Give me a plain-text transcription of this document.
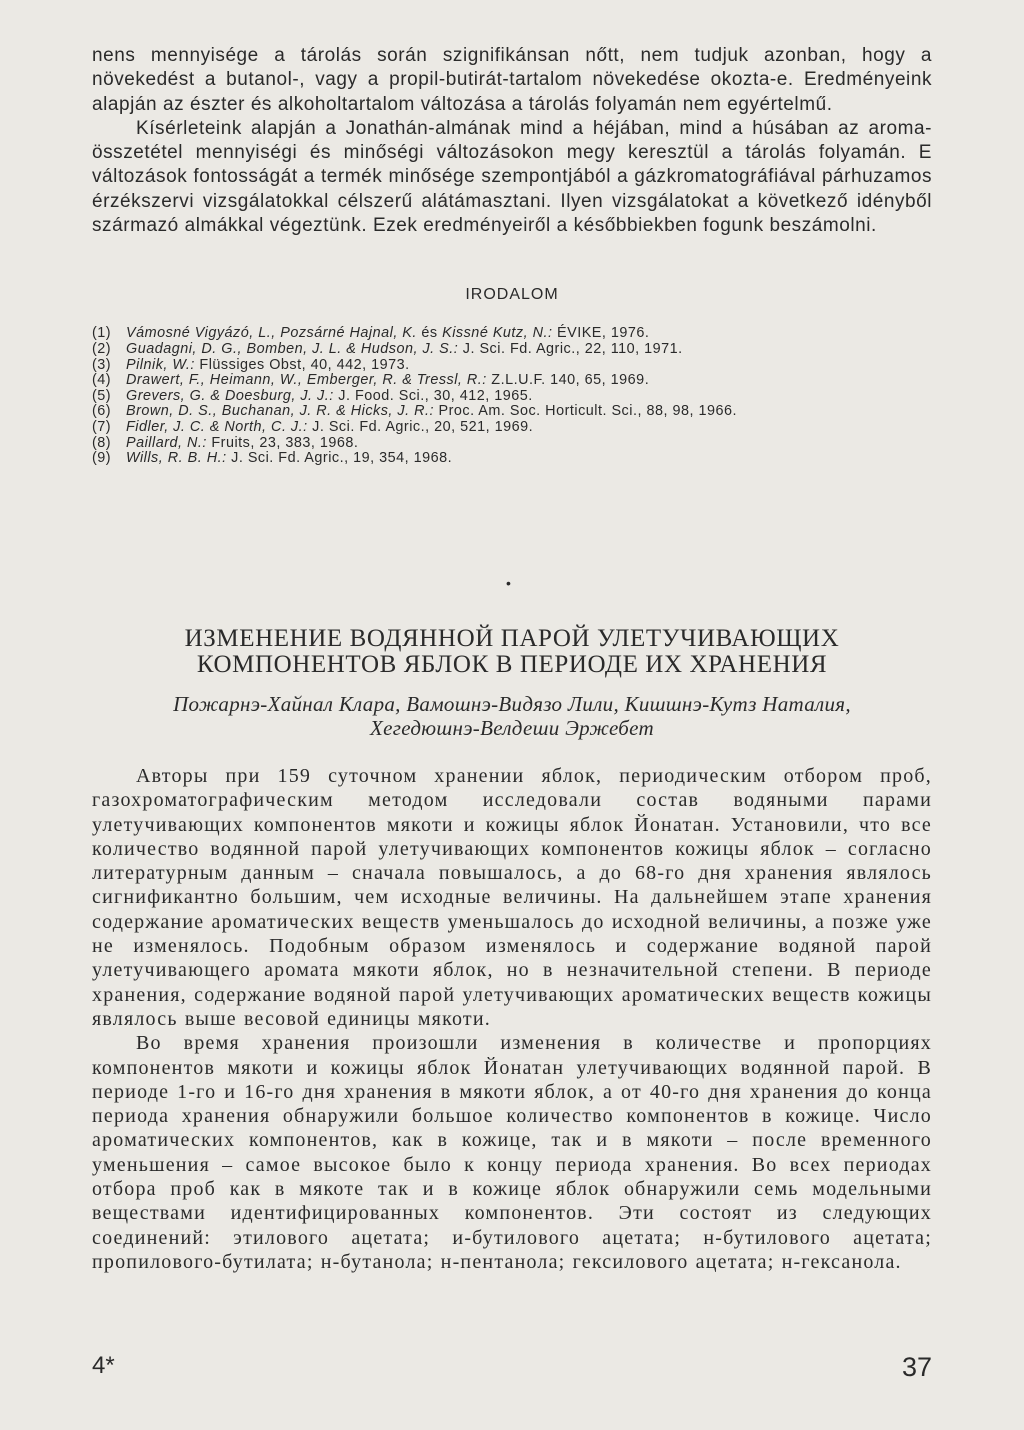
nens mennyisége a tárolás során szignifikánsan nőtt, nem tudjuk azonban, hogy a növekedést a butanol-, vagy a propil-butirát-tartalom növekedése okozta-e. Eredményeink alapján az észter és alkoholtartalom változása a tárolás folyamán nem egyértelmű.

Kísérleteink alapján a Jonathán-almának mind a héjában, mind a húsában az aroma-összetétel mennyiségi és minőségi változásokon megy keresztül a tárolás folyamán. E változások fontosságát a termék minősége szempontjából a gázkromatográfiával párhuzamos érzékszervi vizsgálatokkal célszerű alátámasztani. Ilyen vizsgálatokat a következő idényből származó almákkal végeztünk. Ezek eredményeiről a későbbiekben fogunk beszámolni.

IRODALOM
(1) Vámosné Vigyázó, L., Pozsárné Hajnal, K. és Kissné Kutz, N.: ÉVIKE, 1976.
(2) Guadagni, D. G., Bomben, J. L. & Hudson, J. S.: J. Sci. Fd. Agric., 22, 110, 1971.
(3) Pilnik, W.: Flüssiges Obst, 40, 442, 1973.
(4) Drawert, F., Heimann, W., Emberger, R. & Tressl, R.: Z.L.U.F. 140, 65, 1969.
(5) Grevers, G. & Doesburg, J. J.: J. Food. Sci., 30, 412, 1965.
(6) Brown, D. S., Buchanan, J. R. & Hicks, J. R.: Proc. Am. Soc. Horticult. Sci., 88, 98, 1966.
(7) Fidler, J. C. & North, C. J.: J. Sci. Fd. Agric., 20, 521, 1969.
(8) Paillard, N.: Fruits, 23, 383, 1968.
(9) Wills, R. B. H.: J. Sci. Fd. Agric., 19, 354, 1968.
•
ИЗМЕНЕНИЕ ВОДЯННОЙ ПАРОЙ УЛЕТУЧИВАЮЩИХ
КОМПОНЕНТОВ ЯБЛОК В ПЕРИОДЕ ИХ ХРАНЕНИЯ

Пожарнэ-Хайнал Клара, Вамошнэ-Видязо Лили, Кишшнэ-Кутз Наталия,
Хегедюшнэ-Велдеши Эржебет

Авторы при 159 суточном хранении яблок, периодическим отбором проб, газохроматографическим методом исследовали состав водяными парами улетучивающих компонентов мякоти и кожицы яблок Йонатан. Установили, что все количество водянной парой улетучивающих компонентов кожицы яблок – согласно литературным данным – сначала повышалось, а до 68-го дня хранения являлось сигнификантно большим, чем исходные величины. На дальнейшем этапе хранения содержание ароматических веществ уменьшалось до исходной величины, а позже уже не изменялось. Подобным образом изменялось и содержание водяной парой улетучивающего аромата мякоти яблок, но в незначительной степени. В периоде хранения, содержание водяной парой улетучивающих ароматических веществ кожицы являлось выше весовой единицы мякоти.

Во время хранения произошли изменения в количестве и пропорциях компонентов мякоти и кожицы яблок Йонатан улетучивающих водянной парой. В периоде 1-го и 16-го дня хранения в мякоти яблок, а от 40-го дня хранения до конца периода хранения обнаружили большое количество компонентов в кожице. Число ароматических компонентов, как в кожице, так и в мякоти – после временного уменьшения – самое высокое было к концу периода хранения. Во всех периодах отбора проб как в мякоте так и в кожице яблок обнаружили семь модельными веществами идентифицированных компонентов. Эти состоят из следующих соединений: этилового ацетата; и-бутилового ацетата; н-бутилового ацетата; пропилового-бутилата; н-бутанола; н-пентанола; гексилового ацетата; н-гексанола.

4*	37
